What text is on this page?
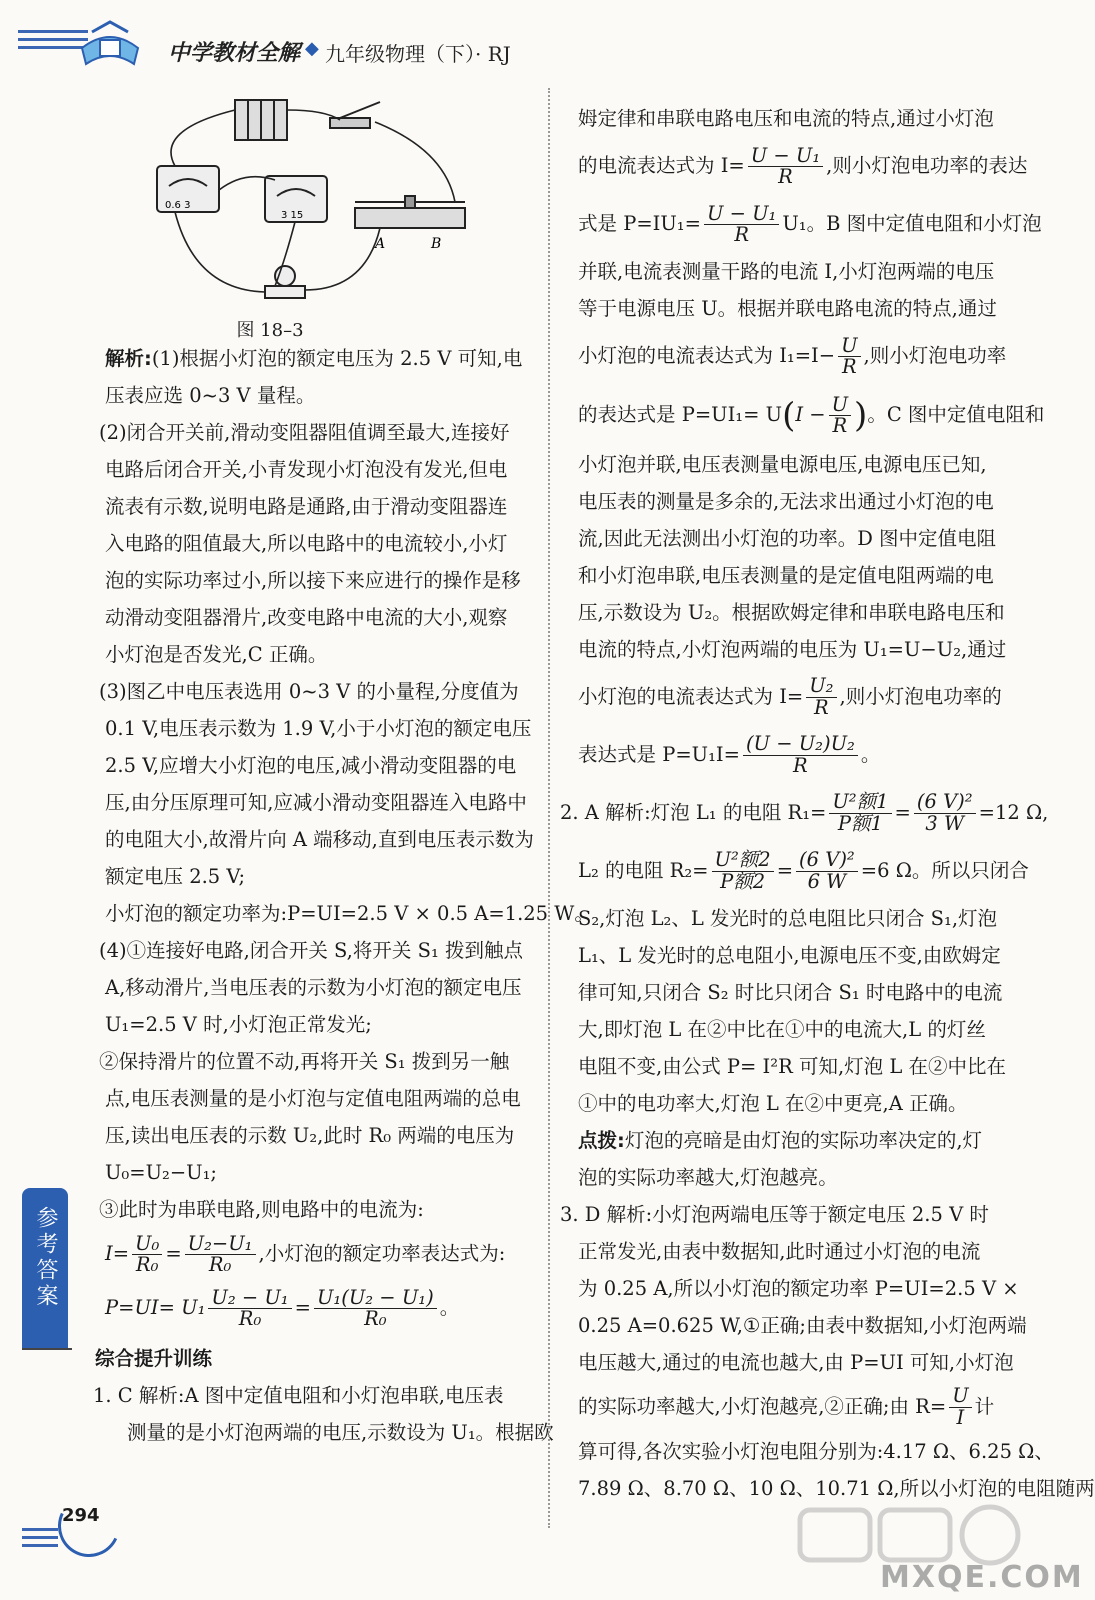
中学教材全解 ◆ 九年级物理（下）· RJ
0.6 3
3 15
A	B
图 18–3

解析:(1)根据小灯泡的额定电压为 2.5 V 可知,电

压表应选 0~3 V 量程。

(2)闭合开关前,滑动变阻器阻值调至最大,连接好

电路后闭合开关,小青发现小灯泡没有发光,但电

流表有示数,说明电路是通路,由于滑动变阻器连

入电路的阻值最大,所以电路中的电流较小,小灯

泡的实际功率过小,所以接下来应进行的操作是移

动滑动变阻器滑片,改变电路中电流的大小,观察

小灯泡是否发光,C 正确。

(3)图乙中电压表选用 0~3 V 的小量程,分度值为

0.1 V,电压表示数为 1.9 V,小于小灯泡的额定电压

2.5 V,应增大小灯泡的电压,减小滑动变阻器的电

压,由分压原理可知,应减小滑动变阻器连入电路中

的电阻大小,故滑片向 A 端移动,直到电压表示数为

额定电压 2.5 V;

小灯泡的额定功率为:P=UI=2.5 V × 0.5 A=1.25 W。

(4)①连接好电路,闭合开关 S,将开关 S₁ 拨到触点

A,移动滑片,当电压表的示数为小灯泡的额定电压

U₁=2.5 V 时,小灯泡正常发光;

②保持滑片的位置不动,再将开关 S₁ 拨到另一触

点,电压表测量的是小灯泡与定值电阻两端的总电

压,读出电压表的示数 U₂,此时 R₀ 两端的电压为

U₀=U₂−U₁;

③此时为串联电路,则电路中的电流为:

$I= \frac{\text{U₀}}{\text{R₀}} = \frac{\text{U₂−U₁}}{\text{R₀}}$ ,小灯泡的额定功率表达式为:

$P=UI= U_1 \frac{\text{U₂ − U₁}}{\text{R₀}} = \frac{\text{U₁(U₂ − U₁)}}{\text{R₀}}$ 。

综合提升训练

1. C 解析:A 图中定值电阻和小灯泡串联,电压表

测量的是小灯泡两端的电压,示数设为 U₁。根据欧

姆定律和串联电路电压和电流的特点,通过小灯泡

的电流表达式为 $I= \frac{\text{U − U₁}}{R}$ ,则小灯泡电功率的表达

式是 $P=IU_1= \frac{\text{U − U₁}}{R} U_1$。B 图中定值电阻和小灯泡

并联,电流表测量干路的电流 I,小灯泡两端的电压

等于电源电压 U。根据并联电路电流的特点,通过

小灯泡的电流表达式为 $I_1=I- \frac{U}{R}$ ,则小灯泡电功率

的表达式是 $P=UI_1= U(I - \frac{U}{R}$ )。C 图中定值电阻和

小灯泡并联,电压表测量电源电压,电源电压已知,

电压表的测量是多余的,无法求出通过小灯泡的电

流,因此无法测出小灯泡的功率。D 图中定值电阻

和小灯泡串联,电压表测量的是定值电阻两端的电

压,示数设为 U₂。根据欧姆定律和串联电路电压和

电流的特点,小灯泡两端的电压为 U₁=U−U₂,通过

小灯泡的电流表达式为 $I= \frac{\text{U₂}}{R}$ ,则小灯泡电功率的

表达式是 $P=U_1I= \frac{\text{(U − U₂)U₂}}{R}$ 。

2. A 解析:灯泡 L₁ 的电阻 R₁= U²额1
P额$1 = \frac{\text{(6 V)²}}{3 W} =12$ Ω,

L₂ 的电阻 R₂= U²额2
P额$2 = \frac{\text{(6 V)²}}{6 W} =6$ Ω。所以只闭合

S₂,灯泡 L₂、L 发光时的总电阻比只闭合 S₁,灯泡

L₁、L 发光时的总电阻小,电源电压不变,由欧姆定

律可知,只闭合 S₂ 时比只闭合 S₁ 时电路中的电流

大,即灯泡 L 在②中比在①中的电流大,L 的灯丝

电阻不变,由公式 P= I²R 可知,灯泡 L 在②中比在

①中的电功率大,灯泡 L 在②中更亮,A 正确。

点拨:灯泡的亮暗是由灯泡的实际功率决定的,灯

泡的实际功率越大,灯泡越亮。

3. D 解析:小灯泡两端电压等于额定电压 2.5 V 时

正常发光,由表中数据知,此时通过小灯泡的电流

为 0.25 A,所以小灯泡的额定功率 P=UI=2.5 V ×

0.25 A=0.625 W,①正确;由表中数据知,小灯泡两端

电压越大,通过的电流也越大,由 P=UI 可知,小灯泡

的实际功率越大,小灯泡越亮,②正确;由 $R= \frac{U}{I}$ 计

算可得,各次实验小灯泡电阻分别为:4.17 Ω、6.25 Ω、

7.89 Ω、8.70 Ω、10 Ω、10.71 Ω,所以小灯泡的电阻随两

参考答案
294
MXQE.COM
